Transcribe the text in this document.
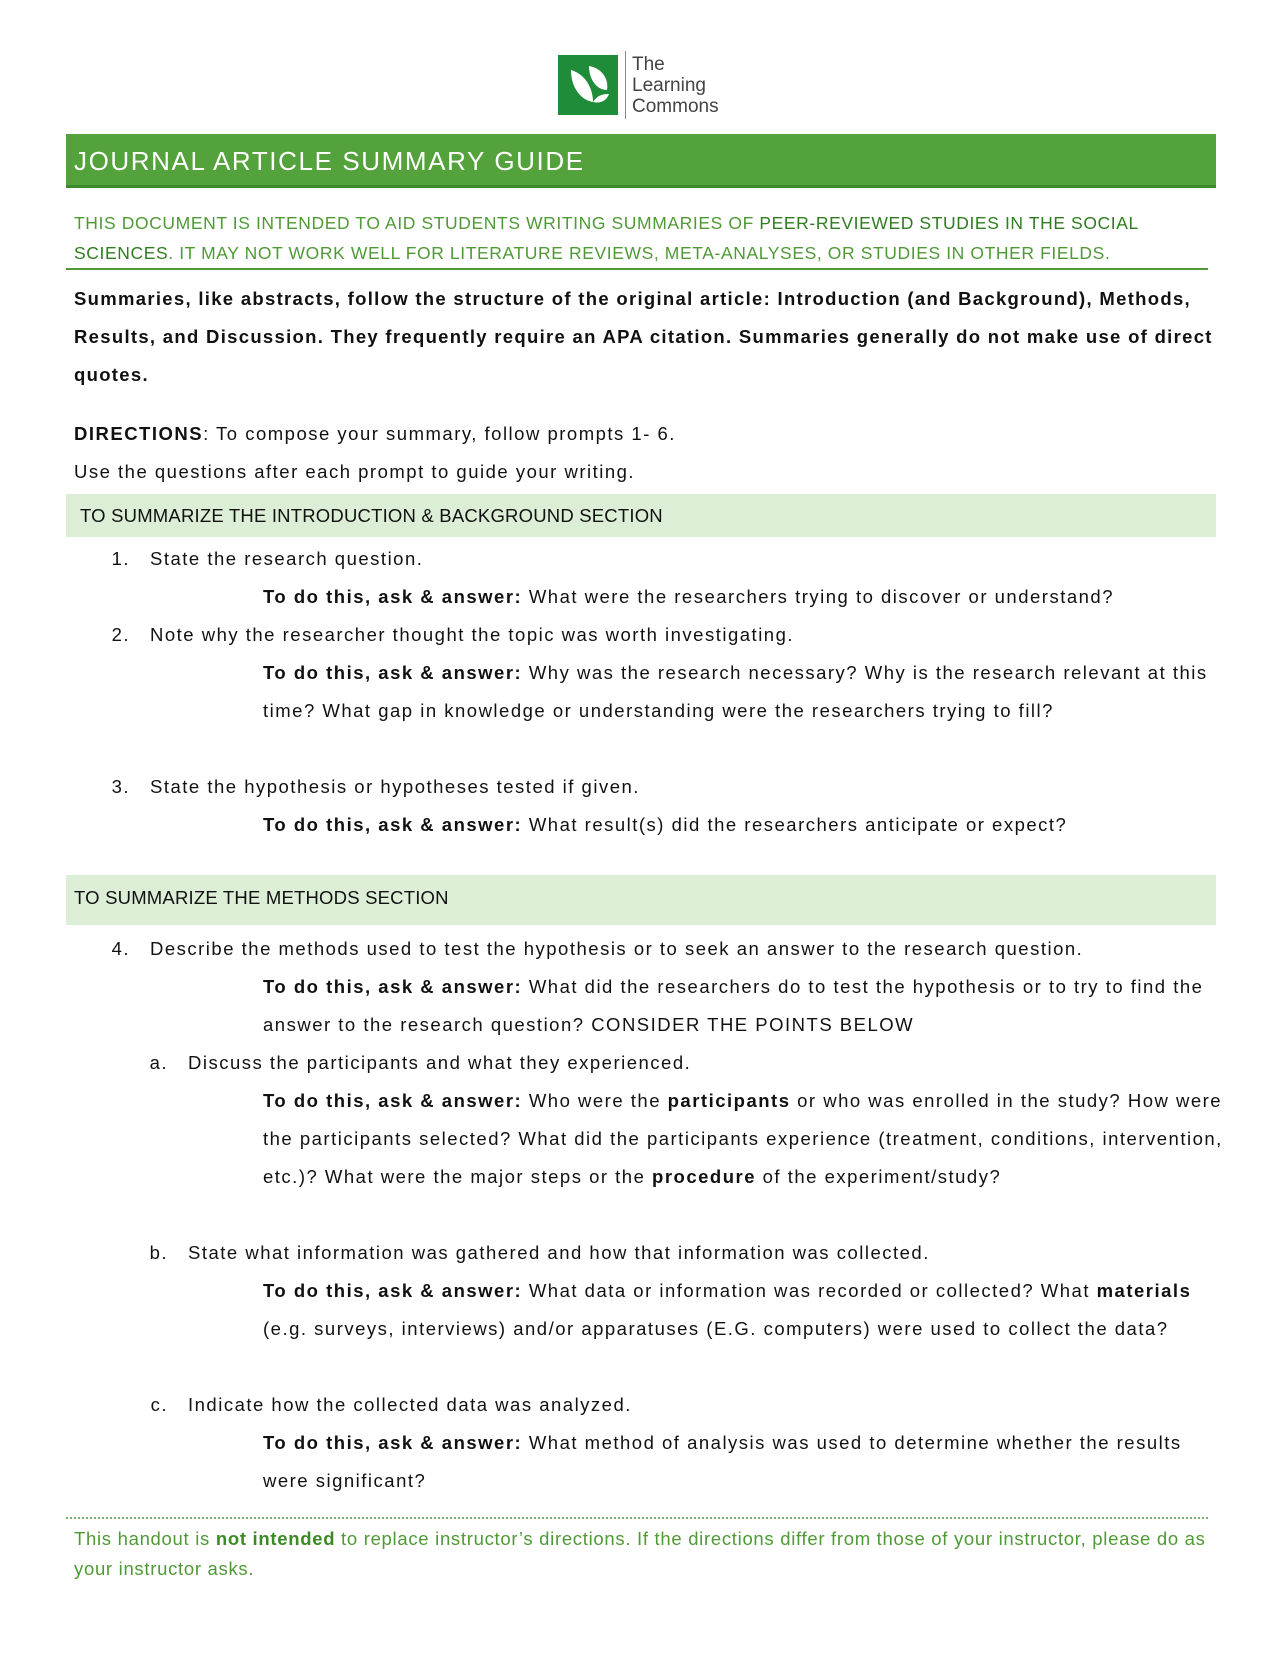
The
Learning
Commons
JOURNAL ARTICLE SUMMARY GUIDE
THIS DOCUMENT IS INTENDED TO AID STUDENTS WRITING SUMMARIES OF PEER-REVIEWED STUDIES IN THE SOCIAL SCIENCES. IT MAY NOT WORK WELL FOR LITERATURE REVIEWS, META-ANALYSES, OR STUDIES IN OTHER FIELDS.
Summaries, like abstracts, follow the structure of the original article: Introduction (and Background), Methods, Results, and Discussion. They frequently require an APA citation. Summaries generally do not make use of direct quotes.
DIRECTIONS: To compose your summary, follow prompts 1- 6.
Use the questions after each prompt to guide your writing.
TO SUMMARIZE THE INTRODUCTION & BACKGROUND SECTION
1. State the research question.
To do this, ask & answer: What were the researchers trying to discover or understand?
2. Note why the researcher thought the topic was worth investigating.
To do this, ask & answer: Why was the research necessary? Why is the research relevant at this time? What gap in knowledge or understanding were the researchers trying to fill?
3. State the hypothesis or hypotheses tested if given.
To do this, ask & answer: What result(s) did the researchers anticipate or expect?
TO SUMMARIZE THE METHODS SECTION
4. Describe the methods used to test the hypothesis or to seek an answer to the research question.
To do this, ask & answer: What did the researchers do to test the hypothesis or to try to find the answer to the research question? CONSIDER THE POINTS BELOW
a. Discuss the participants and what they experienced.
To do this, ask & answer: Who were the participants or who was enrolled in the study? How were the participants selected? What did the participants experience (treatment, conditions, intervention, etc.)? What were the major steps or the procedure of the experiment/study?
b. State what information was gathered and how that information was collected.
To do this, ask & answer: What data or information was recorded or collected? What materials (e.g. surveys, interviews) and/or apparatuses (E.G. computers) were used to collect the data?
c. Indicate how the collected data was analyzed.
To do this, ask & answer: What method of analysis was used to determine whether the results were significant?
This handout is not intended to replace instructor’s directions. If the directions differ from those of your instructor, please do as your instructor asks.
